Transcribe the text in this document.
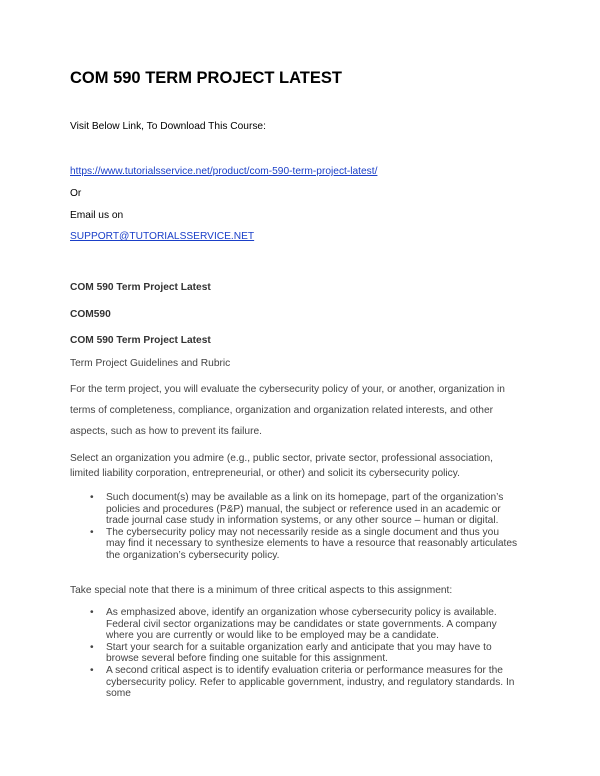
COM 590 TERM PROJECT LATEST
Visit Below Link, To Download This Course:
https://www.tutorialsservice.net/product/com-590-term-project-latest/
Or
Email us on
SUPPORT@TUTORIALSSERVICE.NET
COM 590 Term Project Latest
COM590
COM 590 Term Project Latest
Term Project Guidelines and Rubric

For the term project, you will evaluate the cybersecurity policy of your, or another, organization in terms of completeness, compliance, organization and organization related interests, and other aspects, such as how to prevent its failure.

Select an organization you admire (e.g., public sector, private sector, professional association, limited liability corporation, entrepreneurial, or other) and solicit its cybersecurity policy.

• Such document(s) may be available as a link on its homepage, part of the organization’s policies and procedures (P&P) manual, the subject or reference used in an academic or trade journal case study in information systems, or any other source – human or digital.
• The cybersecurity policy may not necessarily reside as a single document and thus you may find it necessary to synthesize elements to have a resource that reasonably articulates the organization’s cybersecurity policy.

Take special note that there is a minimum of three critical aspects to this assignment:

• As emphasized above, identify an organization whose cybersecurity policy is available. Federal civil sector organizations may be candidates or state governments. A company where you are currently or would like to be employed may be a candidate.
• Start your search for a suitable organization early and anticipate that you may have to browse several before finding one suitable for this assignment.
• A second critical aspect is to identify evaluation criteria or performance measures for the cybersecurity policy. Refer to applicable government, industry, and regulatory standards. In some
